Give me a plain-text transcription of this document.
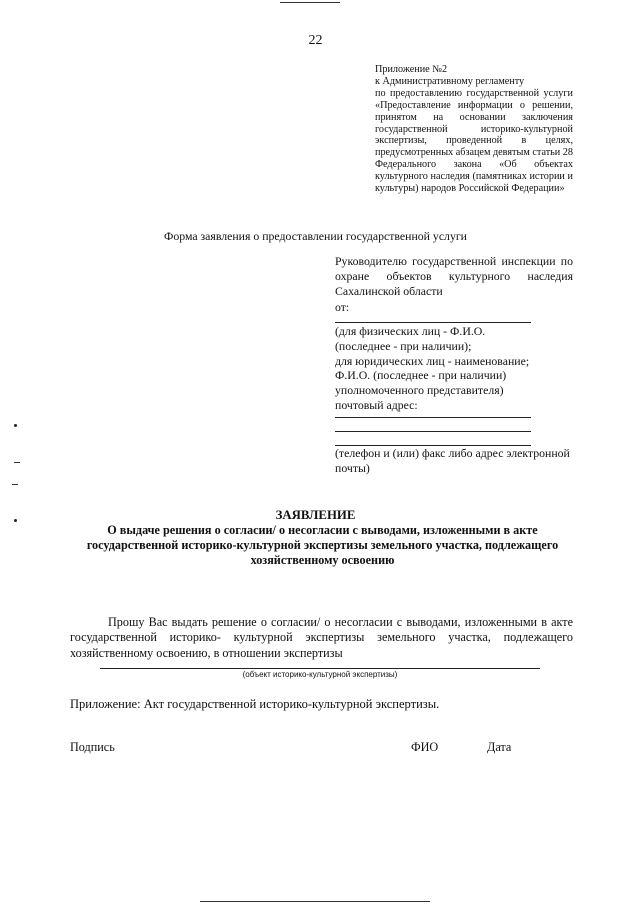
22
Приложение №2
к Административному регламенту
по предоставлению государственной услуги «Предоставление информации о решении, принятом на основании заключения государственной историко-культурной экспертизы, проведенной в целях, предусмотренных абзацем девятым статьи 28 Федерального закона «Об объектах культурного наследия (памятниках истории и культуры) народов Российской Федерации»
Форма заявления о предоставлении государственной услуги
Руководителю государственной инспекции по охране объектов культурного наследия Сахалинской области
от:
(для физических лиц - Ф.И.О.
(последнее - при наличии);
для юридических лиц - наименование;
Ф.И.О. (последнее - при наличии)
уполномоченного представителя)
почтовый адрес:
(телефон и (или) факс либо адрес электронной почты)
ЗАЯВЛЕНИЕ
О выдаче решения о согласии/ о несогласии с выводами, изложенными в акте государственной историко-культурной экспертизы земельного участка, подлежащего хозяйственному освоению
Прошу Вас выдать решение о согласии/ о несогласии с выводами, изложенными в акте государственной историко- культурной экспертизы земельного участка, подлежащего хозяйственному освоению, в отношении экспертизы
(объект историко-культурной экспертизы)
Приложение: Акт государственной историко-культурной экспертизы.
Подпись	ФИО	Дата
